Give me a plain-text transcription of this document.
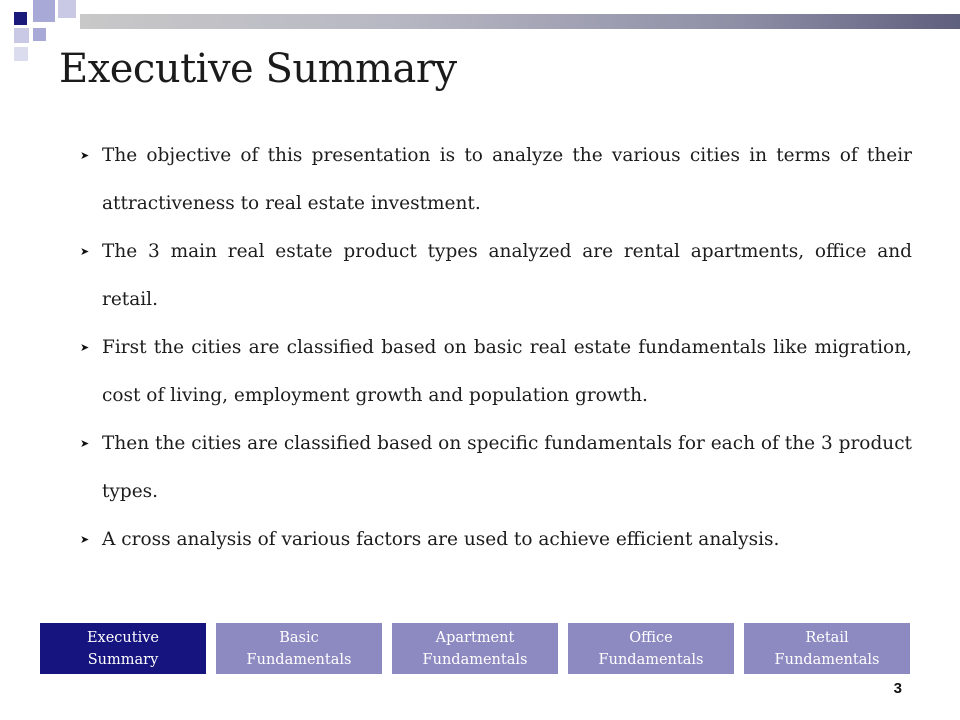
Executive Summary
➤ The objective of this presentation is to analyze the various cities in terms of their attractiveness to real estate investment.
➤ The 3 main real estate product types analyzed are rental apartments, office and retail.
➤ First the cities are classified based on basic real estate fundamentals like migration, cost of living, employment growth and population growth.
➤ Then the cities are classified based on specific fundamentals for each of the 3 product types.
➤ A cross analysis of various factors are used to achieve efficient analysis.
Executive
Summary
Basic
Fundamentals
Apartment
Fundamentals
Office
Fundamentals
Retail
Fundamentals
3
